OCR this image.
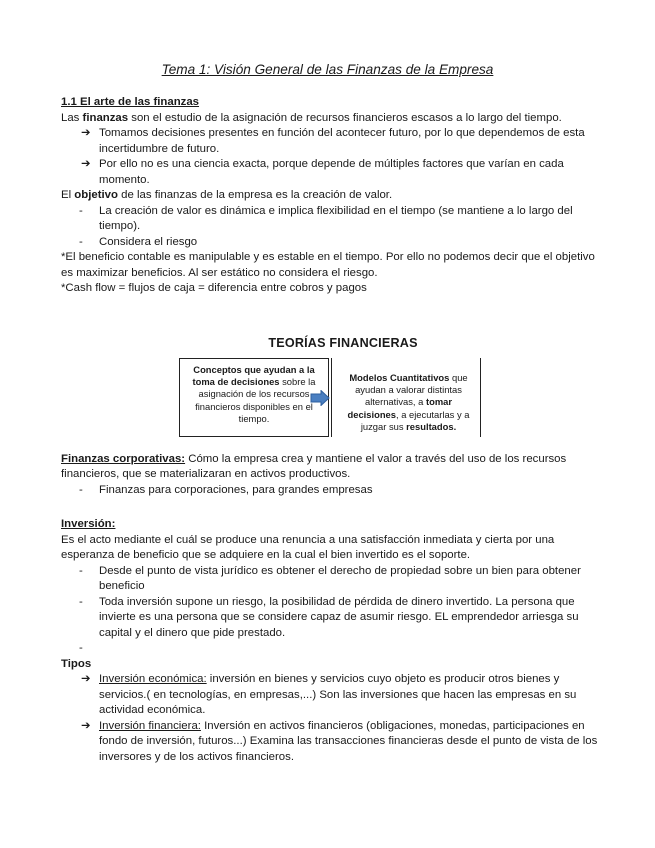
Tema 1: Visión General de las Finanzas de la Empresa

1.1 El arte de las finanzas

Las finanzas son el estudio de la asignación de recursos financieros escasos a lo largo del tiempo.

➔ Tomamos decisiones presentes en función del acontecer futuro, por lo que dependemos de esta incertidumbre de futuro.
➔ Por ello no es una ciencia exacta, porque depende de múltiples factores que varían en cada momento.

El objetivo de las finanzas de la empresa es la creación de valor.

- La creación de valor es dinámica e implica flexibilidad en el tiempo (se mantiene a lo largo del tiempo).
- Considera el riesgo

*El beneficio contable es manipulable y es estable en el tiempo. Por ello no podemos decir que el objetivo es maximizar beneficios. Al ser estático no considera el riesgo.

*Cash flow = flujos de caja = diferencia entre cobros y pagos

TEORÍAS FINANCIERAS
Conceptos que ayudan a la toma de decisiones sobre la asignación de los recursos financieros disponibles en el tiempo.
Modelos Cuantitativos que ayudan a valorar distintas alternativas, a tomar decisiones, a ejecutarlas y a juzgar sus resultados.

Finanzas corporativas: Cómo la empresa crea y mantiene el valor a través del uso de los recursos financieros, que se materializaran en activos productivos.

- Finanzas para corporaciones, para grandes empresas

Inversión:

Es el acto mediante el cuál se produce una renuncia a una satisfacción inmediata y cierta por una esperanza de beneficio que se adquiere en la cual el bien invertido es el soporte.

- Desde el punto de vista jurídico es obtener el derecho de propiedad sobre un bien para obtener beneficio
- Toda inversión supone un riesgo, la posibilidad de pérdida de dinero invertido. La persona que invierte es una persona que se considere capaz de asumir riesgo. EL emprendedor arriesga su capital y el dinero que pide prestado.
-

Tipos

➔ Inversión económica: inversión en bienes y servicios cuyo objeto es producir otros bienes y servicios.( en tecnologías, en empresas,...) Son las inversiones que hacen las empresas en su actividad económica.
➔ Inversión financiera: Inversión en activos financieros (obligaciones, monedas, participaciones en fondo de inversión, futuros...) Examina las transacciones financieras desde el punto de vista de los inversores y de los activos financieros.
